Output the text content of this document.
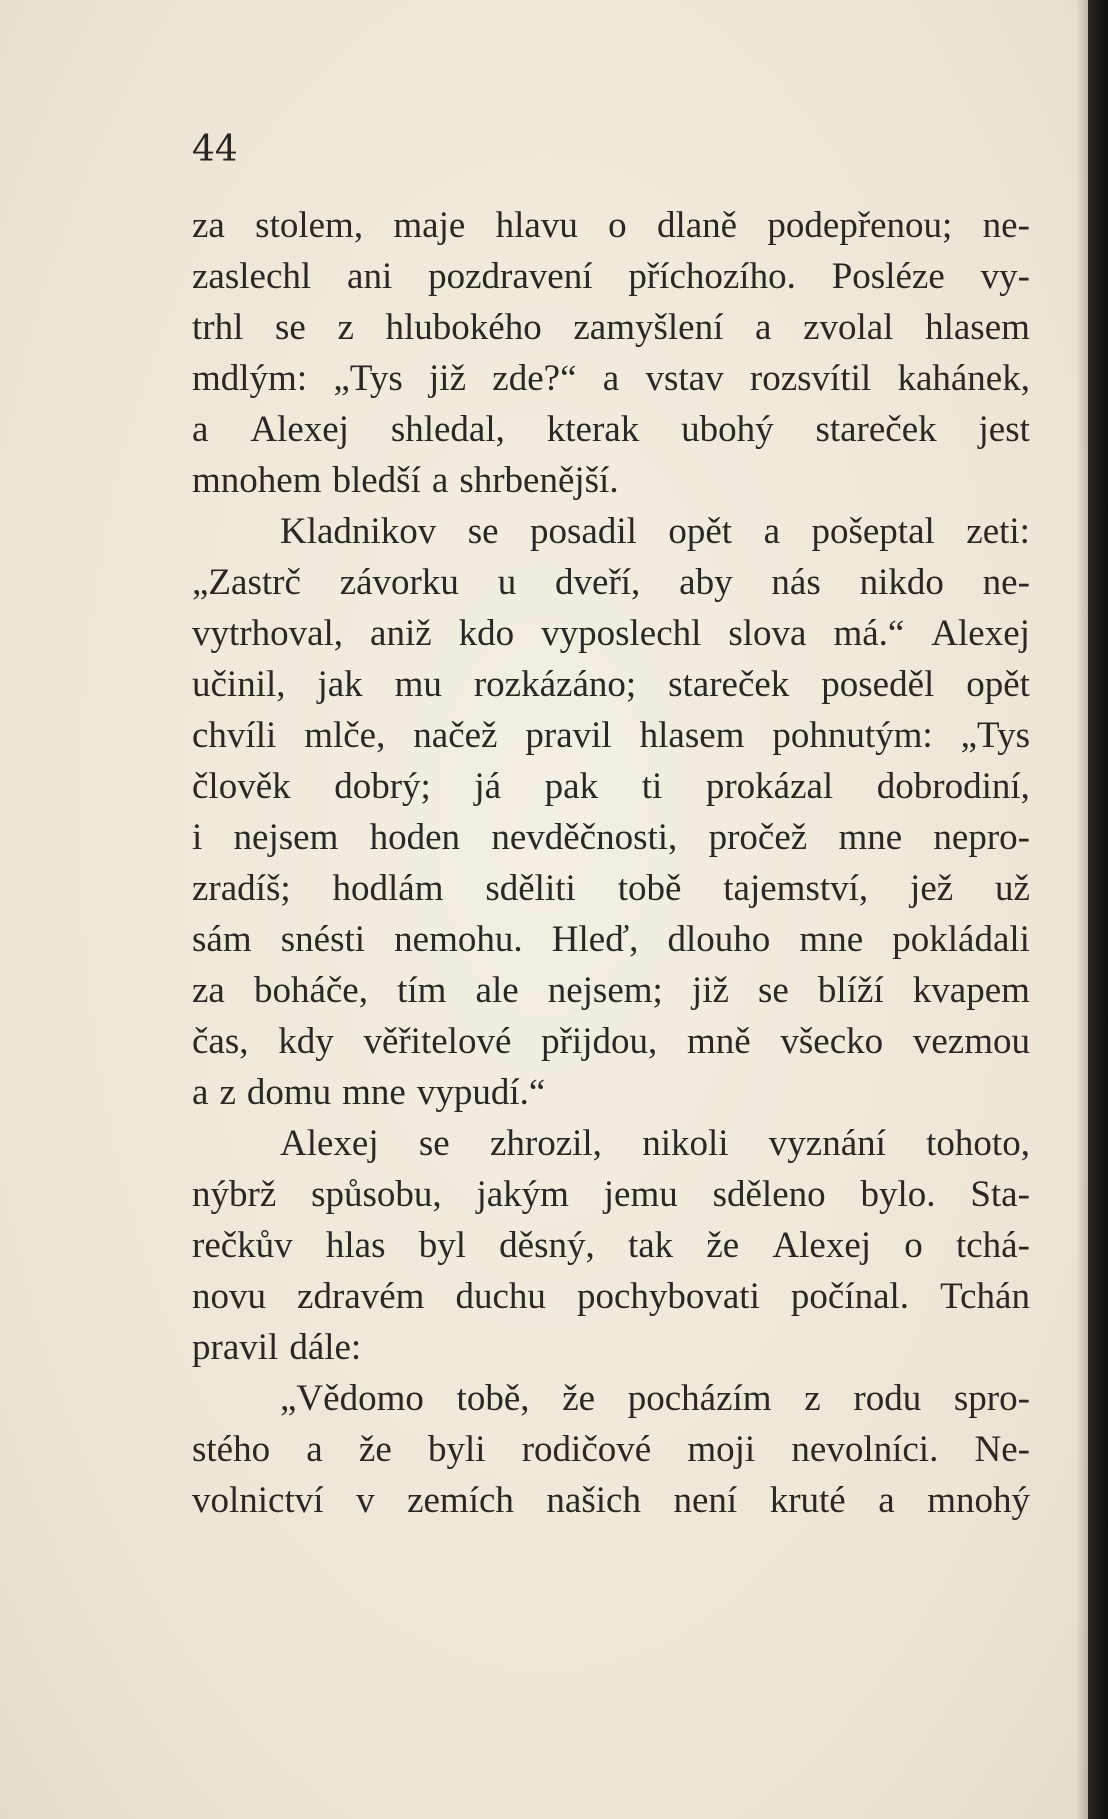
44
za stolem, maje hlavu o dlaně podepřenou; ne-
zaslechl ani pozdravení příchozího. Posléze vy-
trhl se z hlubokého zamyšlení a zvolal hlasem
mdlým: „Tys již zde?“ a vstav rozsvítil kahánek,
a Alexej shledal, kterak ubohý stareček jest
mnohem bledší a shrbenější.
Kladnikov se posadil opět a pošeptal zeti:
„Zastrč závorku u dveří, aby nás nikdo ne-
vytrhoval, aniž kdo vyposlechl slova má.“ Alexej
učinil, jak mu rozkázáno; stareček poseděl opět
chvíli mlče, načež pravil hlasem pohnutým: „Tys
člověk dobrý; já pak ti prokázal dobrodiní,
i nejsem hoden nevděčnosti, pročež mne nepro-
zradíš; hodlám sděliti tobě tajemství, jež už
sám snésti nemohu. Hleď, dlouho mne pokládali
za boháče, tím ale nejsem; již se blíží kvapem
čas, kdy věřitelové přijdou, mně všecko vezmou
a z domu mne vypudí.“
Alexej se zhrozil, nikoli vyznání tohoto,
nýbrž spůsobu, jakým jemu sděleno bylo. Sta-
rečkův hlas byl děsný, tak že Alexej o tchá-
novu zdravém duchu pochybovati počínal. Tchán
pravil dále:
„Vědomo tobě, že pocházím z rodu spro-
stého a že byli rodičové moji nevolníci. Ne-
volnictví v zemích našich není kruté a mnohý
